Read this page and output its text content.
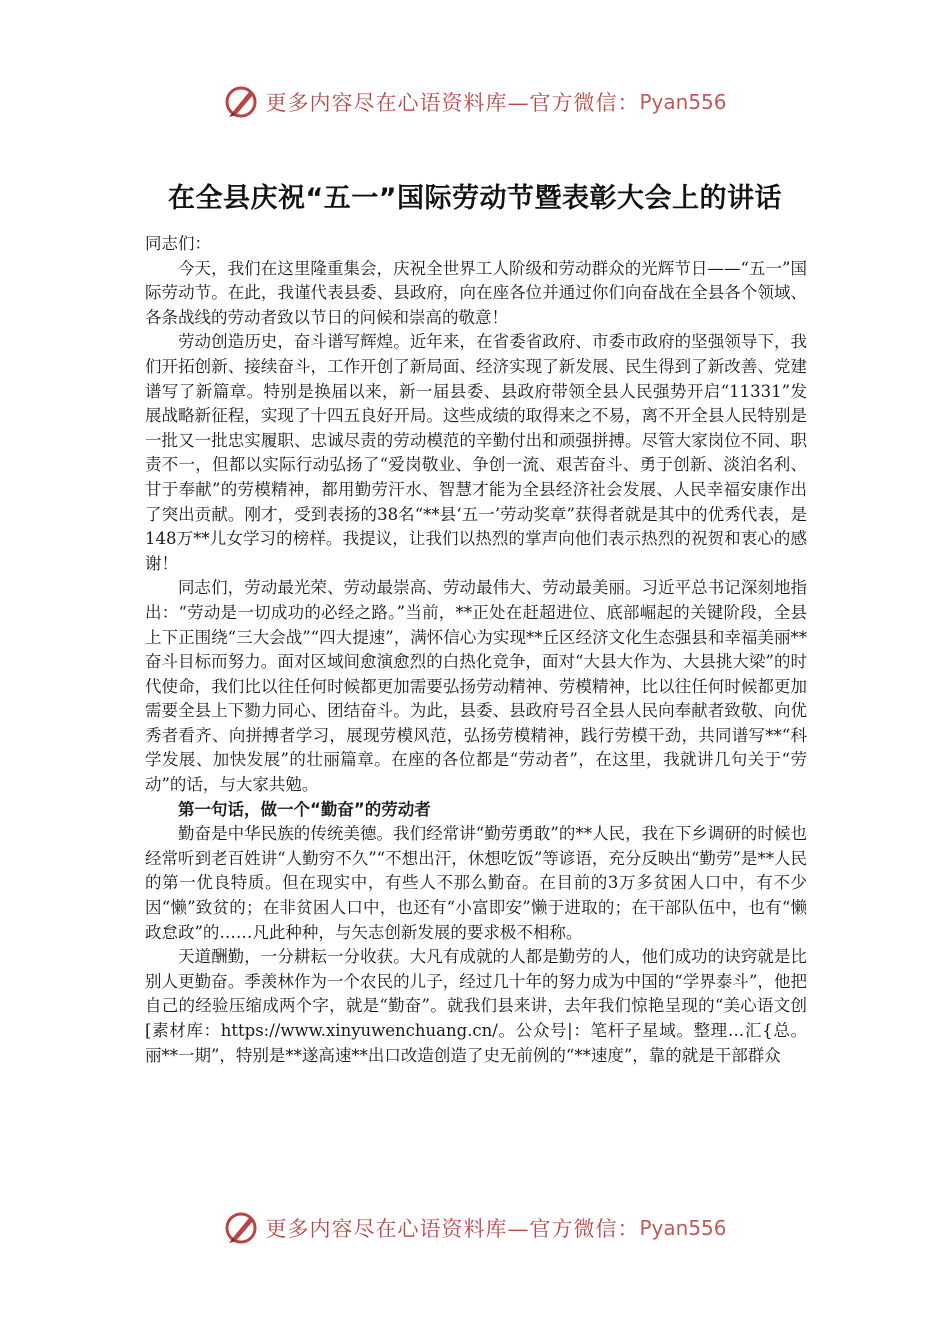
更多内容尽在心语资料库—官方微信： Pyan556
在全县庆祝“五一”国际劳动节暨表彰大会上的讲话

同志们：

今天，我们在这里隆重集会，庆祝全世界工人阶级和劳动群众的光辉节日——“五一”国际劳动节。在此，我谨代表县委、县政府，向在座各位并通过你们向奋战在全县各个领域、各条战线的劳动者致以节日的问候和崇高的敬意！

劳动创造历史，奋斗谱写辉煌。近年来，在省委省政府、市委市政府的坚强领导下，我们开拓创新、接续奋斗，工作开创了新局面、经济实现了新发展、民生得到了新改善、党建谱写了新篇章。特别是换届以来，新一届县委、县政府带领全县人民强势开启“11331”发展战略新征程，实现了十四五良好开局。这些成绩的取得来之不易，离不开全县人民特别是一批又一批忠实履职、忠诚尽责的劳动模范的辛勤付出和顽强拼搏。尽管大家岗位不同、职责不一，但都以实际行动弘扬了“爱岗敬业、争创一流、艰苦奋斗、勇于创新、淡泊名利、甘于奉献”的劳模精神，都用勤劳汗水、智慧才能为全县经济社会发展、人民幸福安康作出了突出贡献。刚才，受到表扬的38名“**县‘五一’劳动奖章”获得者就是其中的优秀代表，是148万**儿女学习的榜样。我提议，让我们以热烈的掌声向他们表示热烈的祝贺和衷心的感谢！

同志们，劳动最光荣、劳动最崇高、劳动最伟大、劳动最美丽。习近平总书记深刻地指出：“劳动是一切成功的必经之路。”当前，**正处在赶超进位、底部崛起的关键阶段，全县上下正围绕“三大会战”“四大提速”，满怀信心为实现**丘区经济文化生态强县和幸福美丽**奋斗目标而努力。面对区域间愈演愈烈的白热化竞争，面对“大县大作为、大县挑大梁”的时代使命，我们比以往任何时候都更加需要弘扬劳动精神、劳模精神，比以往任何时候都更加需要全县上下勠力同心、团结奋斗。为此，县委、县政府号召全县人民向奉献者致敬、向优秀者看齐、向拼搏者学习，展现劳模风范，弘扬劳模精神，践行劳模干劲，共同谱写**“科学发展、加快发展”的壮丽篇章。在座的各位都是“劳动者”，在这里，我就讲几句关于“劳动”的话，与大家共勉。

第一句话，做一个“勤奋”的劳动者

勤奋是中华民族的传统美德。我们经常讲“勤劳勇敢”的**人民，我在下乡调研的时候也经常听到老百姓讲“人勤穷不久”“不想出汗，休想吃饭”等谚语，充分反映出“勤劳”是**人民的第一优良特质。但在现实中，有些人不那么勤奋。在目前的3万多贫困人口中，有不少因“懒”致贫的；在非贫困人口中，也还有“小富即安”懒于进取的；在干部队伍中，也有“懒政怠政”的……凡此种种，与矢志创新发展的要求极不相称。

天道酬勤，一分耕耘一分收获。大凡有成就的人都是勤劳的人，他们成功的诀窍就是比别人更勤奋。季羡林作为一个农民的儿子，经过几十年的努力成为中国的“学界泰斗”，他把自己的经验压缩成两个字，就是“勤奋”。就我们县来讲，去年我们惊艳呈现的“美心语文创[素材库：https://www.xinyuwenchuang.cn/。公众号|：笔杆子星域。整理…汇{总。丽**一期”，特别是**遂高速**出口改造创造了史无前例的“**速度”，靠的就是干部群众

更多内容尽在心语资料库—官方微信： Pyan556
